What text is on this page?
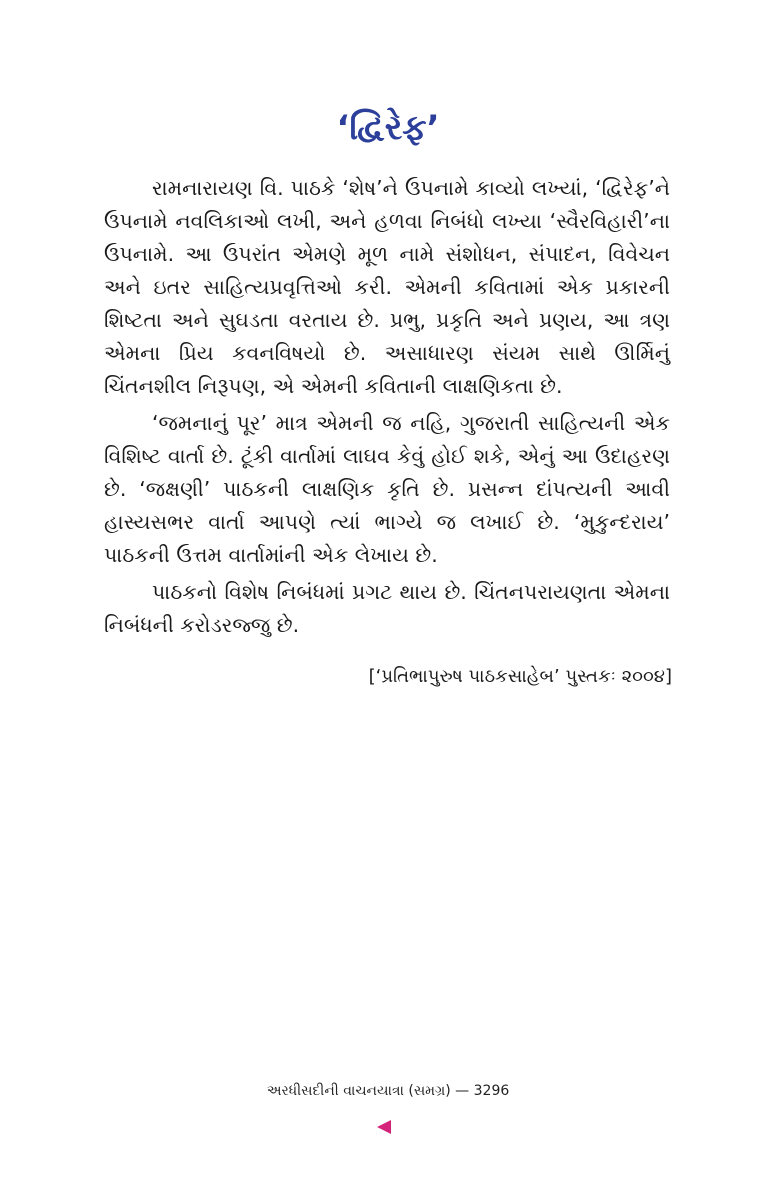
‘દ્વિરેફ’

રામનારાયણ વિ. પાઠકે ‘શેષ’ને ઉપનામે કાવ્યો લખ્યાં, ‘દ્વિરેફ’ને ઉપનામે નવલિકાઓ લખી, અને હળવા નિબંધો લખ્યા ‘સ્વૈરવિહારી’ના ઉપનામે. આ ઉપરાંત એમણે મૂળ નામે સંશોધન, સંપાદન, વિવેચન અને ઇતર સાહિત્યપ્રવૃત્તિઓ કરી. એમની કવિતામાં એક પ્રકારની શિષ્ટતા અને સુઘડતા વરતાય છે. પ્રભુ, પ્રકૃતિ અને પ્રણય, આ ત્રણ એમના પ્રિય કવનવિષયો છે. અસાધારણ સંયમ સાથે ઊર્મિનું ચિંતનશીલ નિરૂપણ, એ એમની કવિતાની લાક્ષણિકતા છે.

‘જમનાનું પૂર’ માત્ર એમની જ નહિ, ગુજરાતી સાહિત્યની એક વિશિષ્ટ વાર્તા છે. ટૂંકી વાર્તામાં લાઘવ કેવું હોઈ શકે, એનું આ ઉદાહરણ છે. ‘જક્ષણી’ પાઠકની લાક્ષણિક કૃતિ છે. પ્રસન્ન દાંપત્યની આવી હાસ્યસભર વાર્તા આપણે ત્યાં ભાગ્યે જ લખાઈ છે. ‘મુકુન્દરાય’ પાઠકની ઉત્તમ વાર્તામાંની એક લેખાય છે.

પાઠકનો વિશેષ નિબંધમાં પ્રગટ થાય છે. ચિંતનપરાયણતા એમના નિબંધની કરોડરજ્જુ છે.

[‘પ્રતિભાપુરુષ પાઠકસાહેબ’ પુસ્તકઃ ૨૦૦૪]
અરધીસદીની વાચનયાત્રા (સમગ્ર) — 3296
